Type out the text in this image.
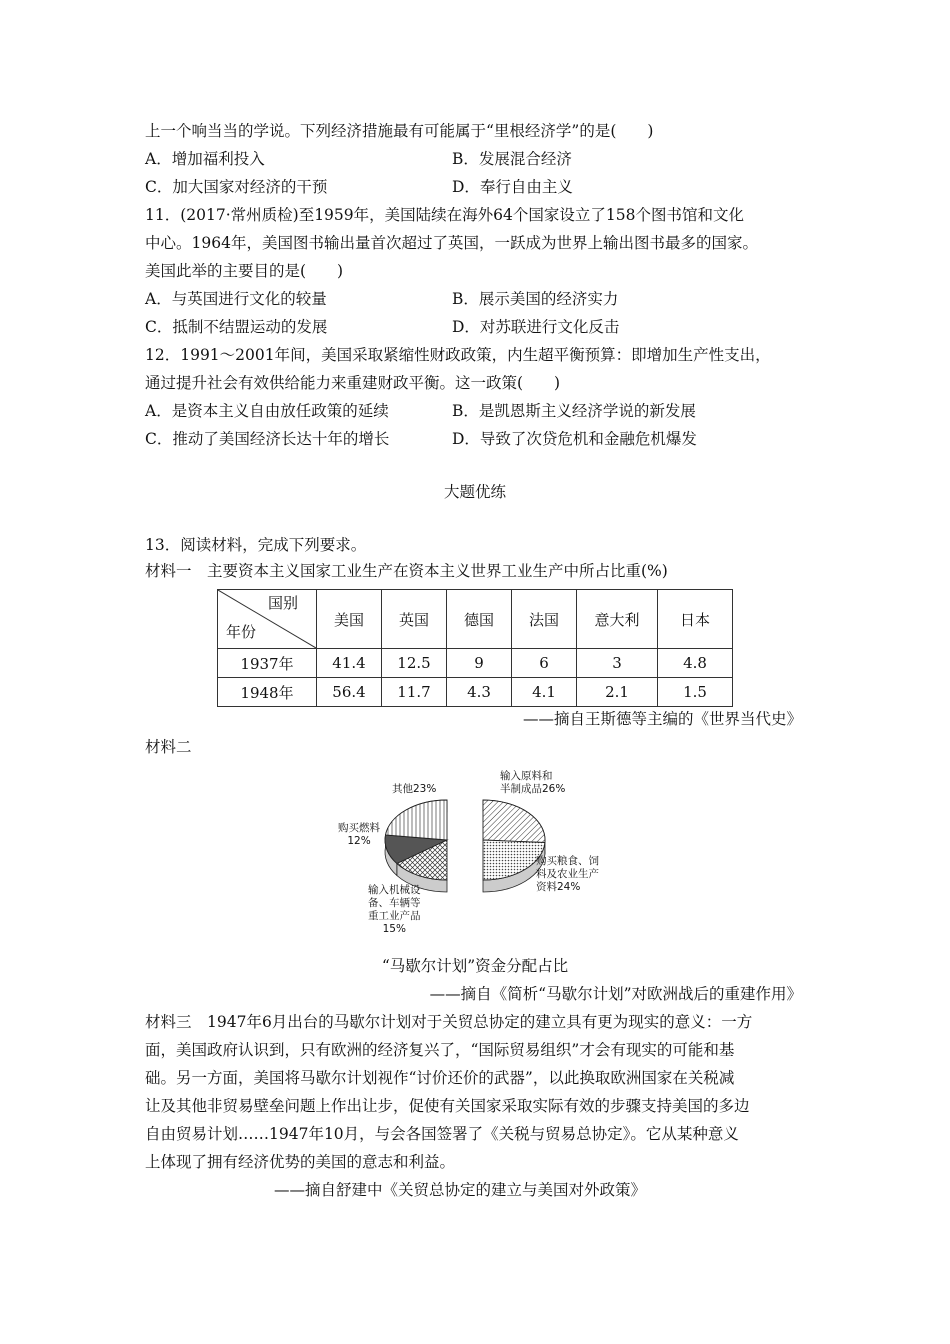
上一个响当当的学说。下列经济措施最有可能属于“里根经济学”的是(　　)
A．增加福利投入	B．发展混合经济
C．加大国家对经济的干预	D．奉行自由主义
11．(2017·常州质检)至1959年，美国陆续在海外64个国家设立了158个图书馆和文化
中心。1964年，美国图书输出量首次超过了英国，一跃成为世界上输出图书最多的国家。
美国此举的主要目的是(　　)
A．与英国进行文化的较量	B．展示美国的经济实力
C．抵制不结盟运动的发展	D．对苏联进行文化反击
12．1991～2001年间，美国采取紧缩性财政政策，内生超平衡预算：即增加生产性支出，
通过提升社会有效供给能力来重建财政平衡。这一政策(　　)
A．是资本主义自由放任政策的延续	B．是凯恩斯主义经济学说的新发展
C．推动了美国经济长达十年的增长	D．导致了次贷危机和金融危机爆发
大题优练
13．阅读材料，完成下列要求。
材料一　主要资本主义国家工业生产在资本主义世界工业生产中所占比重(%)
国别
年份	美国	英国	德国	法国	意大利	日本
1937年	41.4	12.5	9	6	3	4.8
1948年	56.4	11.7	4.3	4.1	2.1	1.5
——摘自王斯德等主编的《世界当代史》
材料二
输入原料和
半制成品26%
购买粮食、饲
料及农业生产
资料24%
输入机械设
备、车辆等
重工业产品
15%
购买燃料
12%
其他23%
“马歇尔计划”资金分配占比
——摘自《简析“马歇尔计划”对欧洲战后的重建作用》
材料三　1947年6月出台的马歇尔计划对于关贸总协定的建立具有更为现实的意义：一方
面，美国政府认识到，只有欧洲的经济复兴了，“国际贸易组织”才会有现实的可能和基
础。另一方面，美国将马歇尔计划视作“讨价还价的武器”，以此换取欧洲国家在关税减
让及其他非贸易壁垒问题上作出让步，促使有关国家采取实际有效的步骤支持美国的多边
自由贸易计划……1947年10月，与会各国签署了《关税与贸易总协定》。它从某种意义
上体现了拥有经济优势的美国的意志和利益。
——摘自舒建中《关贸总协定的建立与美国对外政策》
